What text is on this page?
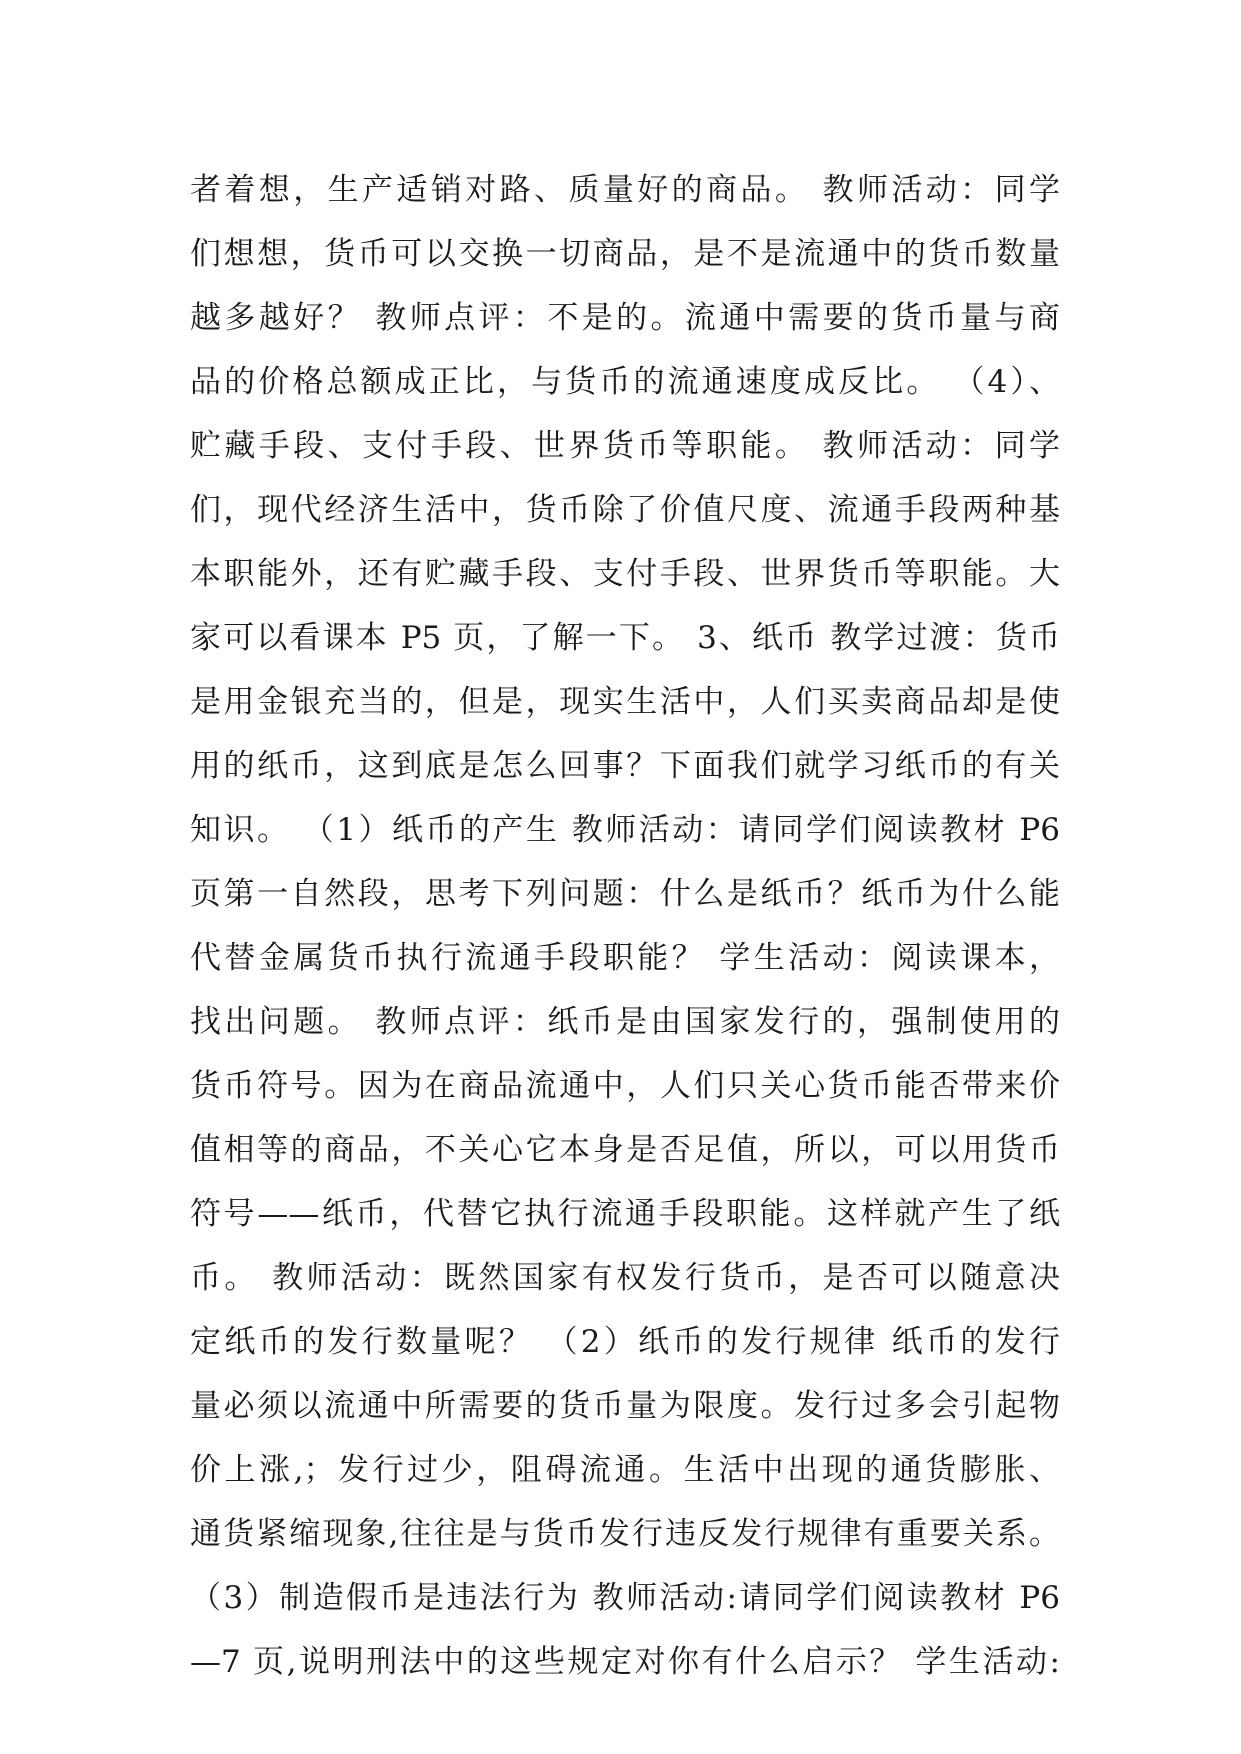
者着想，生产适销对路、质量好的商品。 教师活动：同学
们想想，货币可以交换一切商品，是不是流通中的货币数量
越多越好？ 教师点评：不是的。流通中需要的货币量与商
品的价格总额成正比，与货币的流通速度成反比。 （4）、
贮藏手段、支付手段、世界货币等职能。 教师活动：同学
们，现代经济生活中，货币除了价值尺度、流通手段两种基
本职能外，还有贮藏手段、支付手段、世界货币等职能。大
家可以看课本 P5 页，了解一下。 3、纸币 教学过渡：货币
是用金银充当的，但是，现实生活中，人们买卖商品却是使
用的纸币，这到底是怎么回事？下面我们就学习纸币的有关
知识。 （1）纸币的产生 教师活动：请同学们阅读教材 P6
页第一自然段，思考下列问题：什么是纸币？纸币为什么能
代替金属货币执行流通手段职能？ 学生活动：阅读课本，
找出问题。 教师点评：纸币是由国家发行的，强制使用的
货币符号。因为在商品流通中，人们只关心货币能否带来价
值相等的商品，不关心它本身是否足值，所以，可以用货币
符号——纸币，代替它执行流通手段职能。这样就产生了纸
币。 教师活动：既然国家有权发行货币，是否可以随意决
定纸币的发行数量呢？ （2）纸币的发行规律 纸币的发行
量必须以流通中所需要的货币量为限度。发行过多会引起物
价上涨,；发行过少，阻碍流通。生活中出现的通货膨胀、
通货紧缩现象,往往是与货币发行违反发行规律有重要关系。
（3）制造假币是违法行为 教师活动:请同学们阅读教材 P6
—7 页,说明刑法中的这些规定对你有什么启示？ 学生活动:
